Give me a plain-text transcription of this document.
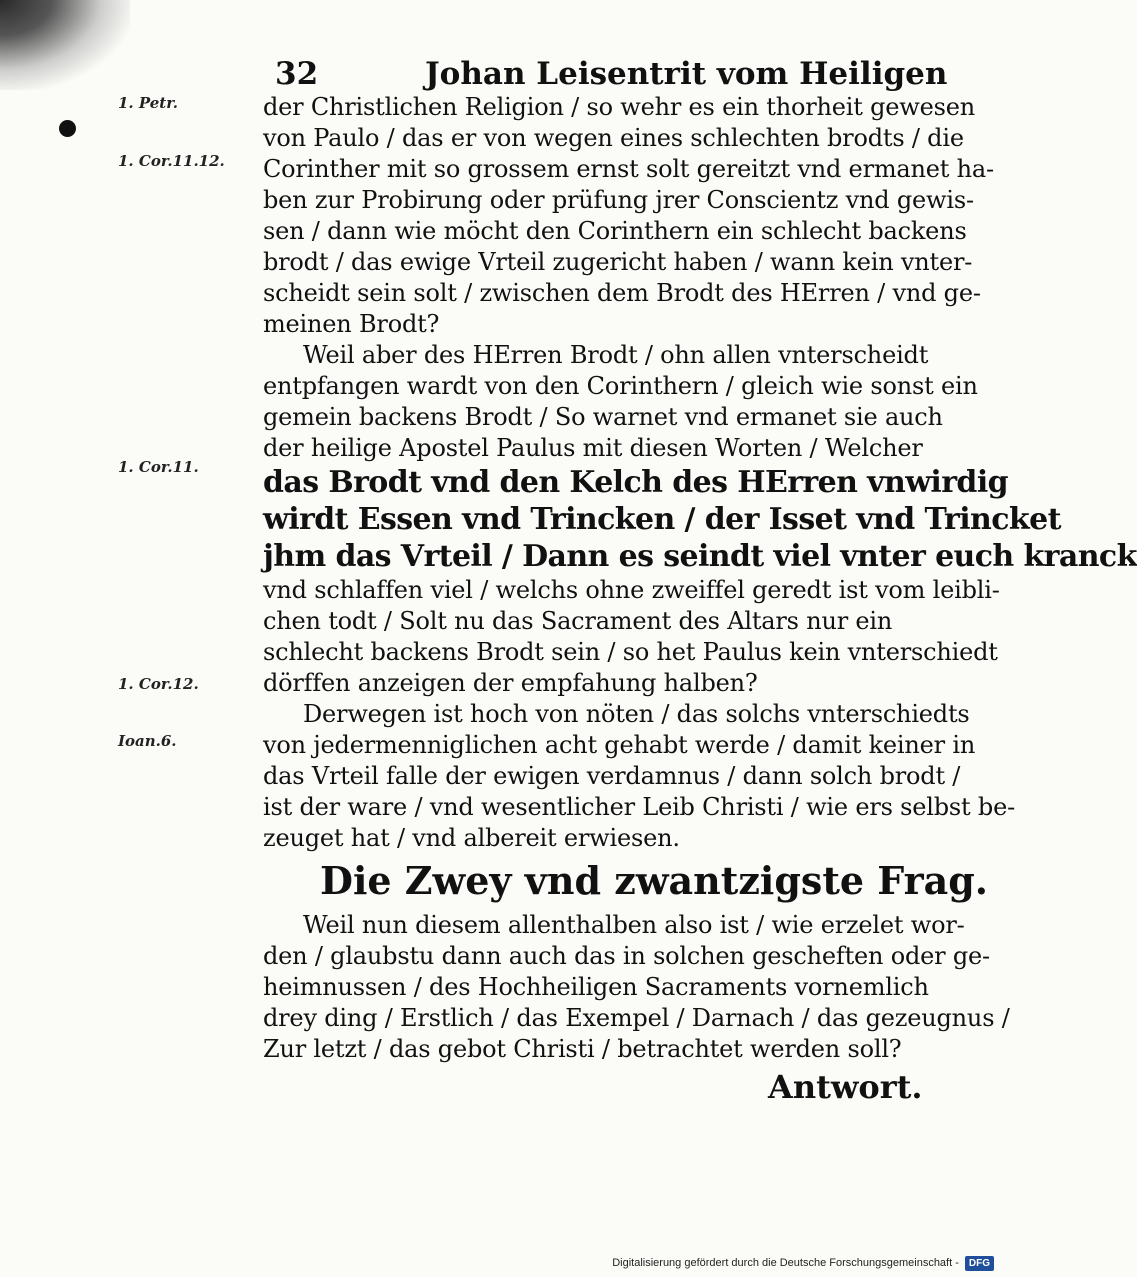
32	Johan Leisentrit vom Heiligen
1. Petr.
1. Cor.11.12.
1. Cor.11.
1. Cor.12.
Ioan.6.
der Christlichen Religion / so wehr es ein thorheit gewesen
von Paulo / das er von wegen eines schlechten brodts / die
Corinther mit so grossem ernst solt gereitzt vnd ermanet ha-
ben zur Probirung oder prüfung jrer Conscientz vnd gewis-
sen / dann wie möcht den Corinthern ein schlecht backens
brodt / das ewige Vrteil zugericht haben / wann kein vnter-
scheidt sein solt / zwischen dem Brodt des HErren / vnd ge-
meinen Brodt?
Weil aber des HErren Brodt / ohn allen vnterscheidt
entpfangen wardt von den Corinthern / gleich wie sonst ein
gemein backens Brodt / So warnet vnd ermanet sie auch
der heilige Apostel Paulus mit diesen Worten / Welcher
das Brodt vnd den Kelch des HErren vnwirdig
wirdt Essen vnd Trincken / der Isset vnd Trincket
jhm das Vrteil / Dann es seindt viel vnter euch kranck
vnd schlaffen viel / welchs ohne zweiffel geredt ist vom leibli-
chen todt / Solt nu das Sacrament des Altars nur ein
schlecht backens Brodt sein / so het Paulus kein vnterschiedt
dörffen anzeigen der empfahung halben?
Derwegen ist hoch von nöten / das solchs vnterschiedts
von jedermenniglichen acht gehabt werde / damit keiner in
das Vrteil falle der ewigen verdamnus / dann solch brodt /
ist der ware / vnd wesentlicher Leib Christi / wie ers selbst be-
zeuget hat / vnd albereit erwiesen.
Die Zwey vnd zwantzigste Frag.
Weil nun diesem allenthalben also ist / wie erzelet wor-
den / glaubstu dann auch das in solchen gescheften oder ge-
heimnussen / des Hochheiligen Sacraments vornemlich
drey ding / Erstlich / das Exempel / Darnach / das gezeugnus /
Zur letzt / das gebot Christi / betrachtet werden soll?
Antwort.
Digitalisierung gefördert durch die Deutsche Forschungsgemeinschaft -	DFG
